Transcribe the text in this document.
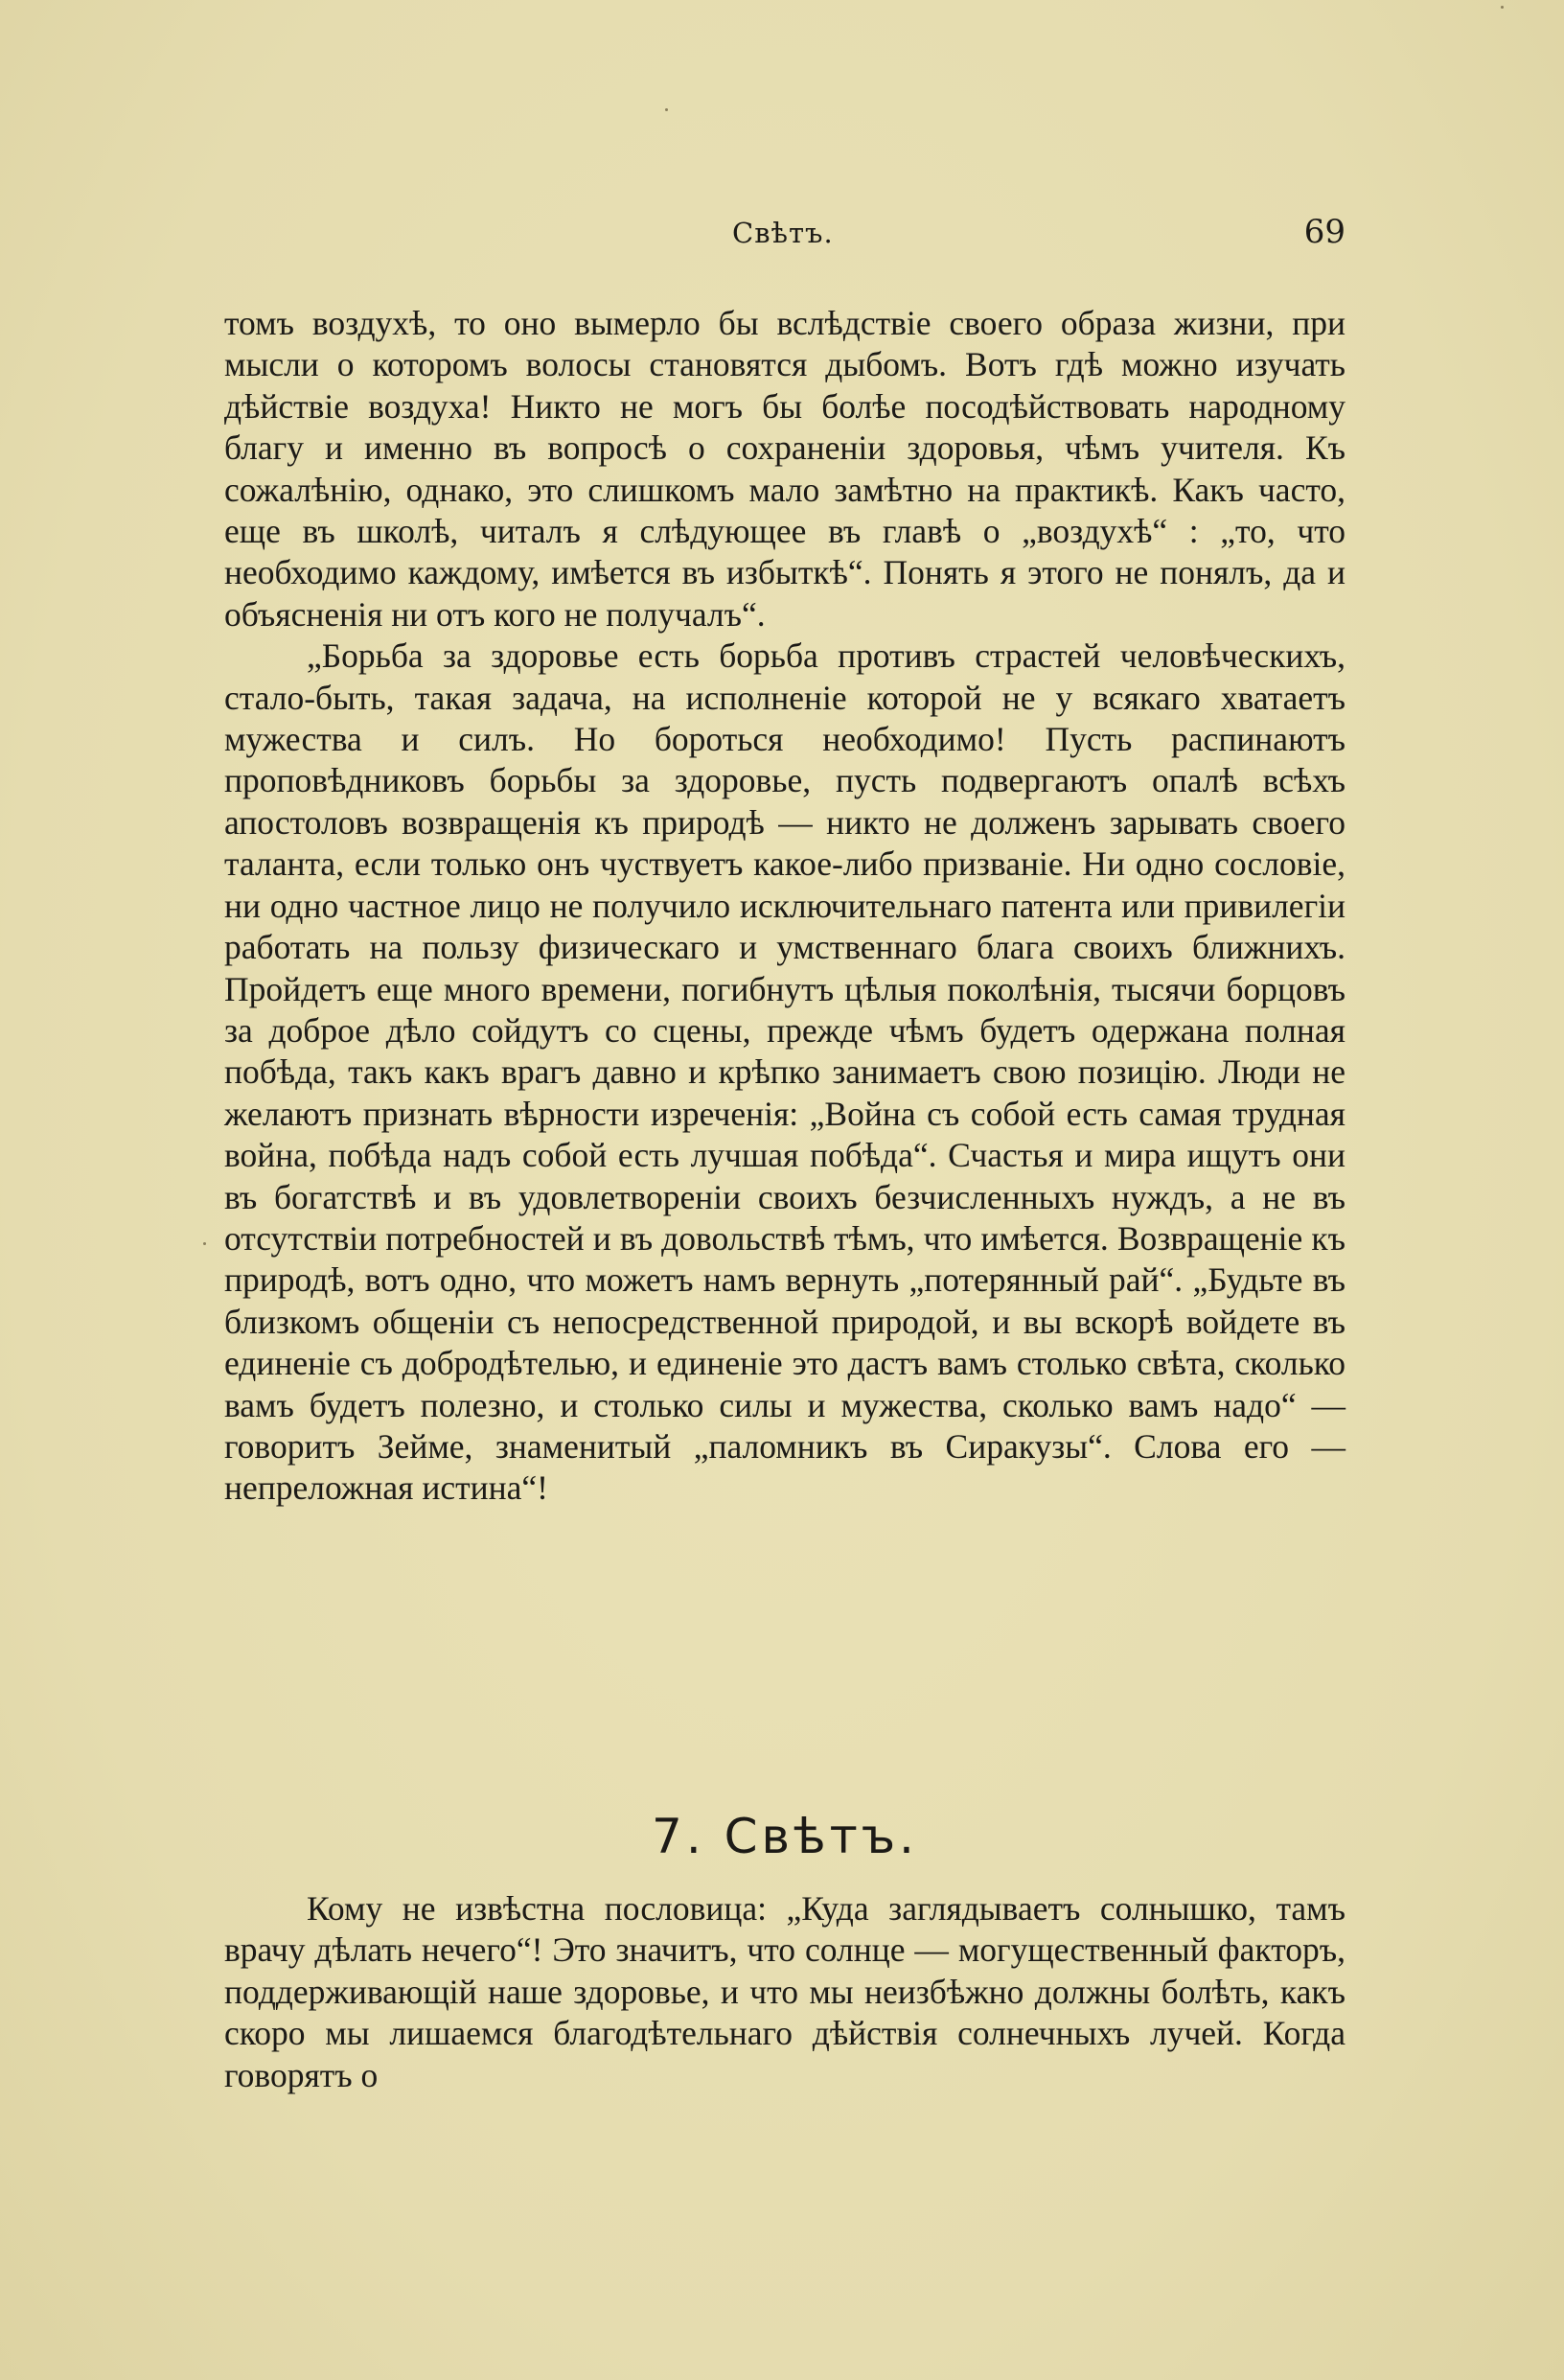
Свѣтъ.	69

томъ воздухѣ, то оно вымерло бы вслѣдствіе своего образа жизни, при мысли о которомъ волосы становятся дыбомъ. Вотъ гдѣ можно изучать дѣйствіе воздуха! Никто не могъ бы болѣе посодѣйствовать народному благу и именно въ вопросѣ о сохраненіи здоровья, чѣмъ учителя. Къ сожалѣнію, однако, это слишкомъ мало замѣтно на практикѣ. Какъ часто, еще въ школѣ, читалъ я слѣдующее въ главѣ о „воздухѣ“ : „то, что необходимо каждому, имѣется въ избыткѣ“. Понять я этого не понялъ, да и объясненія ни отъ кого не получалъ“.

„Борьба за здоровье есть борьба противъ страстей человѣческихъ, стало-быть, такая задача, на исполненіе которой не у всякаго хватаетъ мужества и силъ. Но бороться необходимо! Пусть распинаютъ проповѣдниковъ борьбы за здоровье, пусть подвергаютъ опалѣ всѣхъ апостоловъ возвращенія къ природѣ — никто не долженъ зарывать своего таланта, если только онъ чуствуетъ какое-либо призваніе. Ни одно сословіе, ни одно частное лицо не получило исключительнаго патента или привилегіи работать на пользу физическаго и умственнаго блага своихъ ближнихъ. Пройдетъ еще много времени, погибнутъ цѣлыя поколѣнія, тысячи борцовъ за доброе дѣло сойдутъ со сцены, прежде чѣмъ будетъ одержана полная побѣда, такъ какъ врагъ давно и крѣпко занимаетъ свою позицію. Люди не желаютъ признать вѣрности изреченія: „Война съ собой есть самая трудная война, побѣда надъ собой есть лучшая побѣда“. Счастья и мира ищутъ они въ богатствѣ и въ удовлетвореніи своихъ безчисленныхъ нуждъ, а не въ отсутствіи потребностей и въ довольствѣ тѣмъ, что имѣется. Возвращеніе къ природѣ, вотъ одно, что можетъ намъ вернуть „потерянный рай“. „Будьте въ близкомъ общеніи съ непосредственной природой, и вы вскорѣ войдете въ единеніе съ добродѣтелью, и единеніе это дастъ вамъ столько свѣта, сколько вамъ будетъ полезно, и столько силы и мужества, сколько вамъ надо“ — говоритъ Зейме, знаменитый „паломникъ въ Сиракузы“. Слова его — непреложная истина“!

7. Свѣтъ.

Кому не извѣстна пословица: „Куда заглядываетъ солнышко, тамъ врачу дѣлать нечего“! Это значитъ, что солнце — могущественный факторъ, поддерживающій наше здоровье, и что мы неизбѣжно должны болѣть, какъ скоро мы лишаемся благодѣтельнаго дѣйствія солнечныхъ лучей. Когда говорятъ о
